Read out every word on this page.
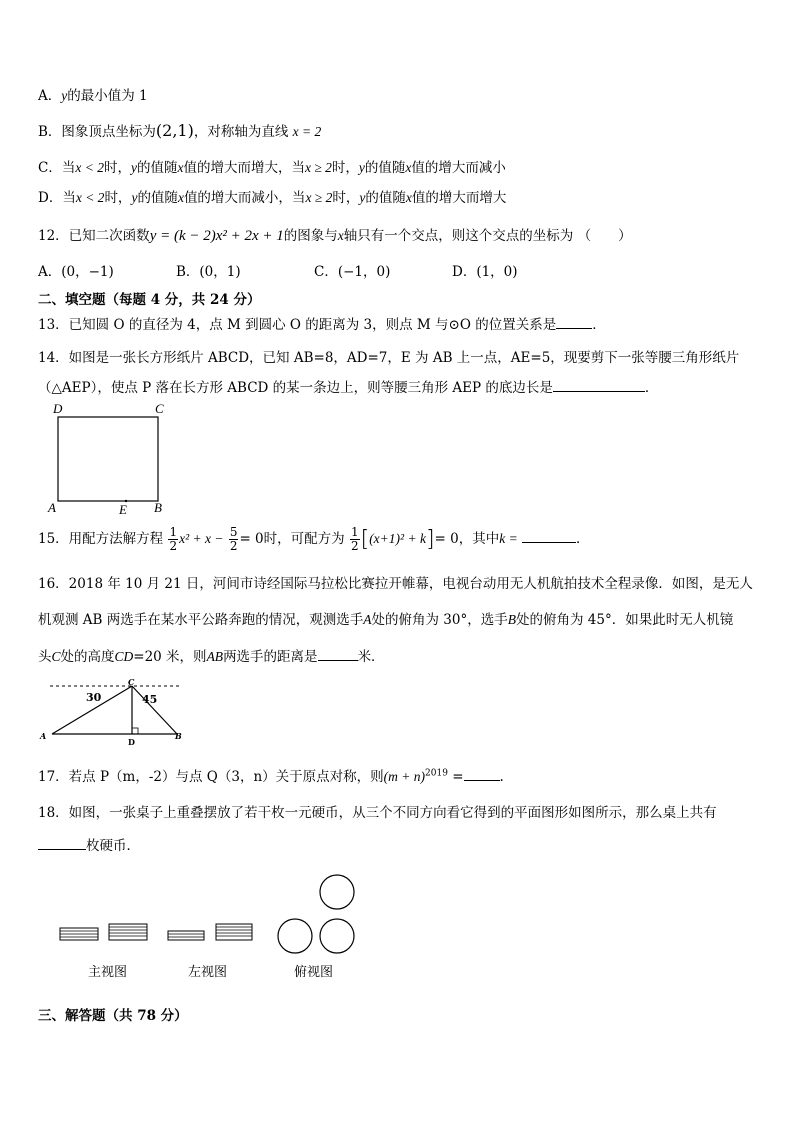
A．y的最小值为 1
B．图象顶点坐标为(2,1)，对称轴为直线 x = 2
C．当x < 2时，y的值随x值的增大而增大，当x ≥ 2时，y的值随x值的增大而减小
D．当x < 2时，y的值随x值的增大而减小，当x ≥ 2时，y的值随x值的增大而增大
12．已知二次函数y = (k − 2)x² + 2x + 1的图象与x轴只有一个交点，则这个交点的坐标为 （　　）
A．(0，−1)	B．(0，1)	C．(−1，0)	D．(1，0)
二、填空题（每题 4 分，共 24 分）
13．已知圆 O 的直径为 4，点 M 到圆心 O 的距离为 3，则点 M 与⊙O 的位置关系是	．
14．如图是一张长方形纸片 ABCD，已知 AB=8，AD=7，E 为 AB 上一点，AE=5，现要剪下一张等腰三角形纸片
（△AEP），使点 P 落在长方形 ABCD 的某一条边上，则等腰三角形 AEP 的底边长是	．
D	C
A	E B
15．用配方法解方程 $\frac{1}{2} x^2 + x - \frac{5}{2} = 0$时，可配方为 $\frac{1}{2} [(x+1)^2 + k]= 0$，其中k =	．
16．2018 年 10 月 21 日，河间市诗经国际马拉松比赛拉开帷幕，电视台动用无人机航拍技术全程录像．如图，是无人
机观测 AB 两选手在某水平公路奔跑的情况，观测选手A处的俯角为 30°，选手B处的俯角为 45°．如果此时无人机镜
头C处的高度CD=20 米，则AB两选手的距离是	米．
C
A	B
D
30	45
17．若点 P（m，-2）与点 Q（3，n）关于原点对称，则$(m + n)^{2019}$ =	.
18．如图，一张桌子上重叠摆放了若干枚一元硬币，从三个不同方向看它得到的平面图形如图所示，那么桌上共有
枚硬币．
主视图	左视图	俯视图
三、解答题（共 78 分）
